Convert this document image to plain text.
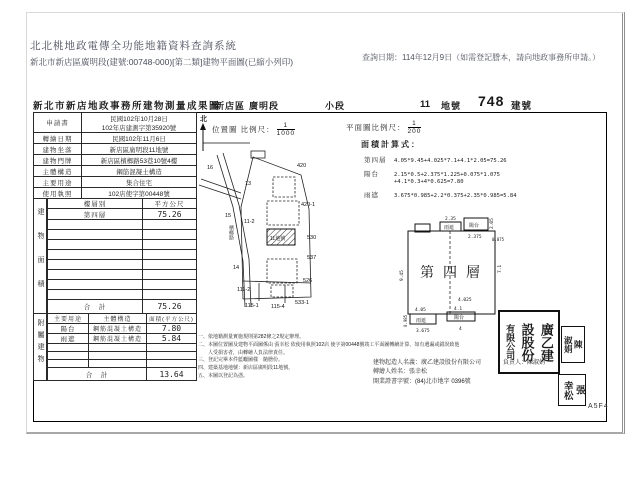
北北桃地政電傳全功能地籍資料查詢系統
新北市新店區廣明段(建號:00748-000)[第二類]建物平面圖(已縮小列印)	查詢日期：114年12月9日（如需登記謄本，請向地政事務所申請。）
新北市新店地政事務所建物測量成果圖
新店區 廣明段	小段	11 地號 748 建號
申請書	民國102年10月28日
102年店建測字第35920號

轉繪日期	民國102年11月6日
建物坐落	新店區廣明段11地號
建物門牌	新店區檳榔路53巷10號4樓
主體構造	鋼筋混凝土構造
主要用途	集合住宅
使用執照	102店使字第00448號
建物面積
樓層別	平方公尺
第四層	75.26

合　計	75.26
附屬建物 主要用途	主體構造	面積(平方公尺)
陽台	鋼筋混凝土構造	7.80
雨遮	鋼筋混凝土構造	5.84

合　計		13.64
北
位置圖 比例尺： $\frac{1}{1000}$	平面圖比例尺： $\frac{1}{200}$
面積計算式：
第四層 4.05*9.45+4.025*7.1+4.1*2.05=75.26
陽台	2.15*0.5+2.375*1.225+0.075*1.075
+4.1*0.3+4*0.625=7.80
雨遮	3.675*0.985+2.2*0.375+2.35*0.985=5.84
16
13
420
420-1
15
11-2
530
537
14
526
111-2
115-1 115-4
533-1
11地號
檳榔路	雨遮	陽台
雨遮	陽台
第四層
9.45
7.1
4.025
2.35
2.375
2.05
0.075
4.05
3.675
0.985
4.1
4
一、依地籍測量實施規則第282條之2規定辦理。
二、本圖位置圖及建物平面圖係由 張幸松 依使用執照102店 使字第00448號竣工平面圖轉繪計算，如有遺漏或錯誤致他
　　人受損害者，由轉繪人負法律責任。
三、登記完畢本件藍曬圖樣　隨謄份。
四、建築基地地號：新店區廣明段11地號。
五、本圖以登記為憑。
建物起造人名義：廣乙建設股份有限公司	負責人：陳淑娟
轉繪人姓名：張幸松
開業證書字號：(84)北市地字 0396號
廣乙建
設股份
有限公司	陳
淑娟
張
幸松
A5F4
